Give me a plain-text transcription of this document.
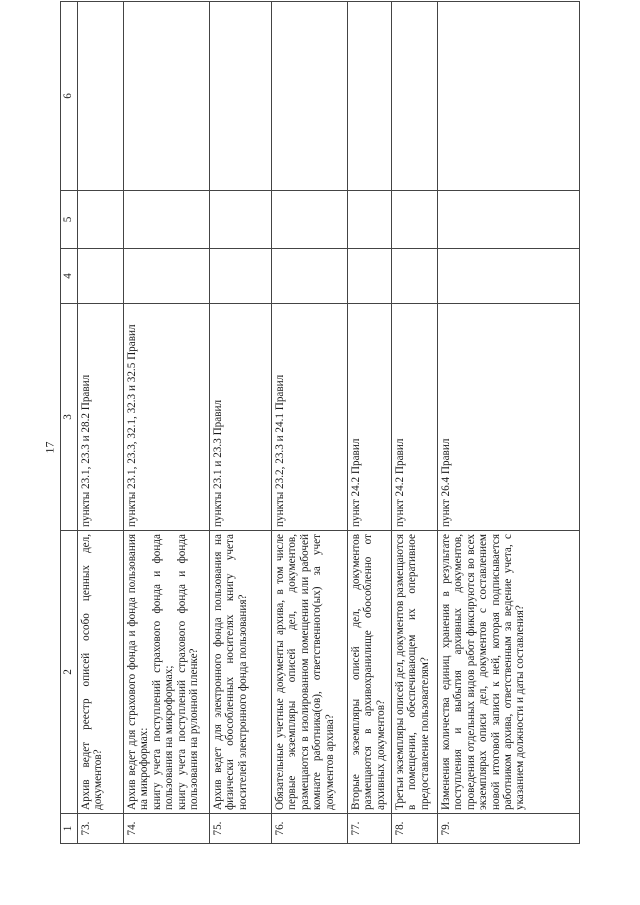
17
1	2	3	4	5	6
73.	Архив ведет реестр описей особо ценных дел, документов?	пункты 23.1, 23.3 и 28.2 Правил			
74.	Архив ведет для страхового фонда и фонда пользования на микроформах: книгу учета поступлений страхового фонда и фонда пользования на микроформах; книгу учета поступлений страхового фонда и фонда пользования на рулонной пленке?	пункты 23.1, 23.3, 32.1, 32.3 и 32.5 Правил			
75.	Архив ведет для электронного фонда пользования на физически обособленных носителях книгу учета носителей электронного фонда пользования?	пункты 23.1 и 23.3 Правил			
76.	Обязательные учетные документы архива, в том числе первые экземпляры описей дел, документов, размещаются в изолированном помещении или рабочей комнате работника(ов), ответственного(ых) за учет документов архива?	пункты 23.2, 23.3 и 24.1 Правил			
77.	Вторые экземпляры описей дел, документов размещаются в архивохранилище обособленно от архивных документов?	пункт 24.2 Правил			
78.	Третьи экземпляры описей дел, документов размещаются в помещении, обеспечивающем их оперативное предоставление пользователям?	пункт 24.2 Правил			
79.	Изменения количества единиц хранения в результате поступления и выбытия архивных документов, проведения отдельных видов работ фиксируются во всех экземплярах описи дел, документов с составлением новой итоговой записи к ней, которая подписывается работником архива, ответственным за ведение учета, с указанием должности и даты составления?	пункт 26.4 Правил			
